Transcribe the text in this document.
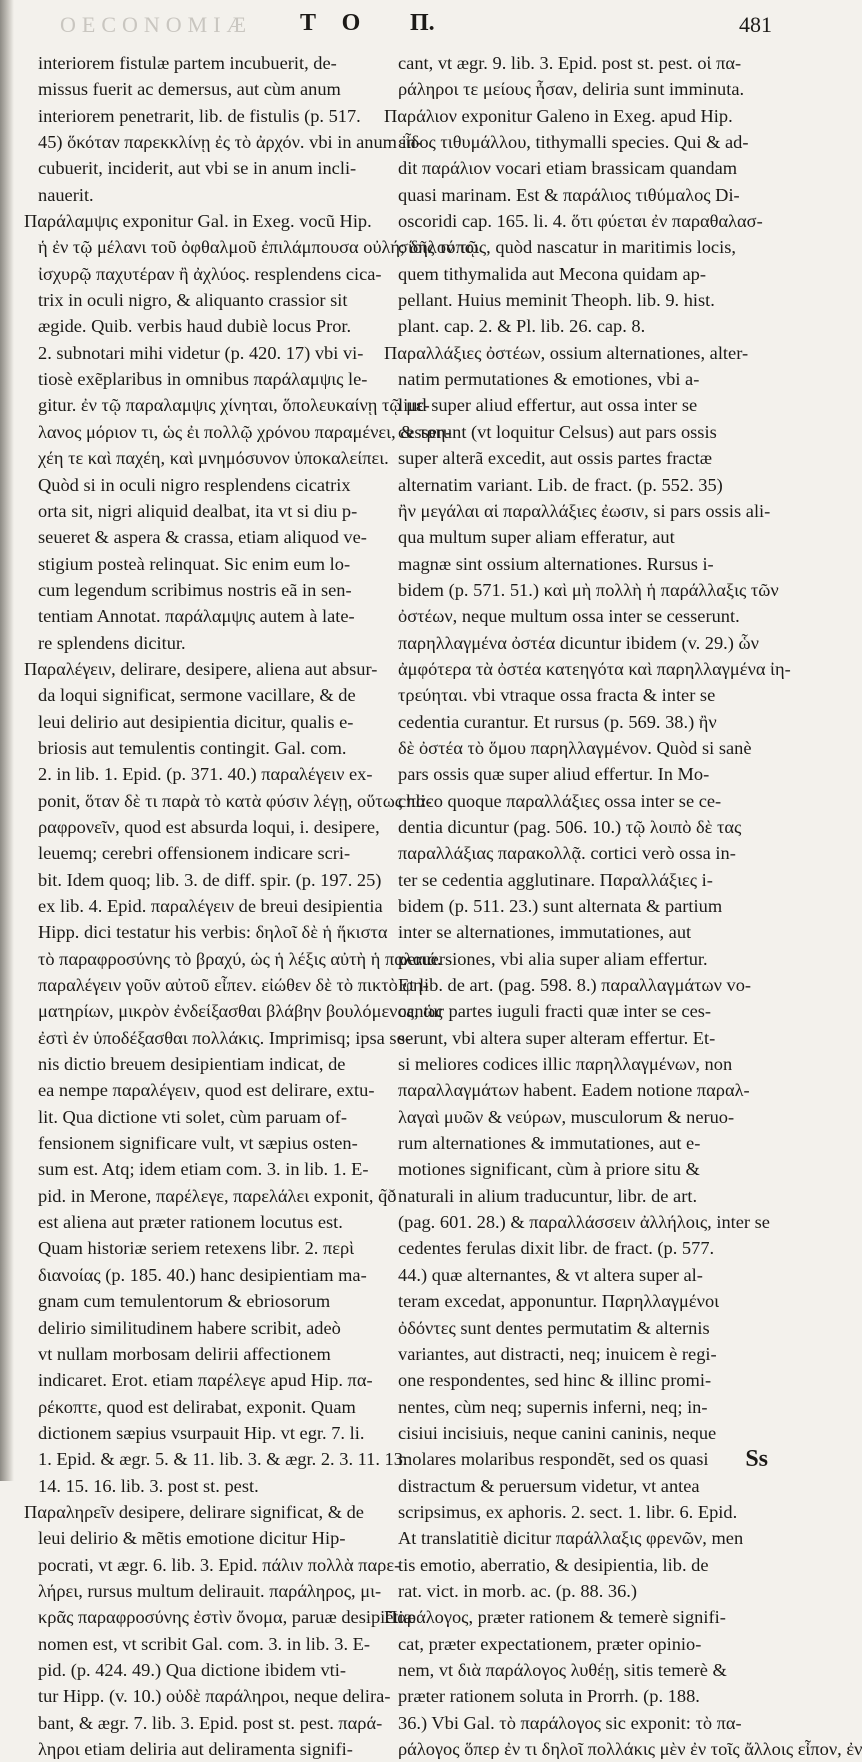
OECONOMIÆ T O Π.	481
interiorem fistulæ partem incubuerit, de-
missus fuerit ac demersus, aut cùm anum
interiorem penetrarit, lib. de fistulis (p. 517.
45) ὅκόταν παρεκκλίνῃ ἐς τὸ ἀρχόν. vbi in anum in-
cubuerit, inciderit, aut vbi se in anum incli-
nauerit.
Παράλαμψις exponitur Gal. in Exeg. vocũ Hip.
ἡ ἐν τῷ μέλανι τοῦ ὀφθαλμοῦ ἐπιλάμπουσα οὐλή; δῆλον τῷ
ἰσχυρῷ παχυτέραν ἢ ἀχλύος. resplendens cica-
trix in oculi nigro, & aliquanto crassior sit
ægide. Quib. verbis haud dubiè locus Pror.
2. subnotari mihi videtur (p. 420. 17) vbi vi-
tiosè exẽplaribus in omnibus παράλαμψις le-
gitur. ἐν τῷ παραλαμψις χίνηται, ὅπολευκαίνῃ τῷ με-
λανος μόριον τι, ὡς ἐι πολλῷ χρόνου παραμένει, & τρη-
χέη τε καὶ παχέη, καὶ μνημόσυνον ὑποκαλείπει.
Quòd si in oculi nigro resplendens cicatrix
orta sit, nigri aliquid dealbat, ita vt si diu p-
seueret & aspera & crassa, etiam aliquod ve-
stigium posteà relinquat. Sic enim eum lo-
cum legendum scribimus nostris eã in sen-
tentiam Annotat. παράλαμψις autem à late-
re splendens dicitur.
Παραλέγειν, delirare, desipere, aliena aut absur-
da loqui significat, sermone vacillare, & de
leui delirio aut desipientia dicitur, qualis e-
briosis aut temulentis contingit. Gal. com.
2. in lib. 1. Epid. (p. 371. 40.) παραλέγειν ex-
ponit, ὅταν δὲ τι παρὰ τὸ κατὰ φύσιν λέγῃ, οὕτως πα-
ραφρονεῖν, quod est absurda loqui, i. desipere,
leuemq; cerebri offensionem indicare scri-
bit. Idem quoq; lib. 3. de diff. spir. (p. 197. 25)
ex lib. 4. Epid. παραλέγειν de breui desipientia
Hipp. dici testatur his verbis: δηλοῖ δὲ ἡ ἥκιστα
τὸ παραφροσύνης τὸ βραχύ, ὡς ἡ λέξις αὐτὴ ἡ παλαιά.
παραλέγειν γοῦν αὐτοῦ εἶπεν. εἰώθεν δὲ τὸ πικτὸ φη-
ματηρίων, μικρὸν ἐνδείξασθαι βλάβην βουλόμενος, ὡς
ἐστὶ ἐν ὑποδέξασθαι πολλάκις. Imprimisq; ipsa se-
nis dictio breuem desipientiam indicat, de
ea nempe παραλέγειν, quod est delirare, extu-
lit. Qua dictione vti solet, cùm paruam of-
fensionem significare vult, vt sæpius osten-
sum est. Atq; idem etiam com. 3. in lib. 1. E-
pid. in Merone, παρέλεγε, παρελάλει exponit, q̃ð
est aliena aut præter rationem locutus est.
Quam historiæ seriem retexens libr. 2. περὶ
διανοίας (p. 185. 40.) hanc desipientiam ma-
gnam cum temulentorum & ebriosorum
delirio similitudinem habere scribit, adeò
vt nullam morbosam delirii affectionem
indicaret. Erot. etiam παρέλεγε apud Hip. πα-
ρέκοπτε, quod est delirabat, exponit. Quam
dictionem sæpius vsurpauit Hip. vt egr. 7. li.
1. Epid. & ægr. 5. & 11. lib. 3. & ægr. 2. 3. 11. 13.
14. 15. 16. lib. 3. post st. pest.
Παραληρεῖν desipere, delirare significat, & de
leui delirio & mẽtis emotione dicitur Hip-
pocrati, vt ægr. 6. lib. 3. Epid. πάλιν πολλὰ παρε-
λήρει, rursus multum delirauit. παράληρος, μι-
κρᾶς παραφροσύνης ἐστὶν ὄνομα, paruæ desipiẽtiæ
nomen est, vt scribit Gal. com. 3. in lib. 3. E-
pid. (p. 424. 49.) Qua dictione ibidem vti-
tur Hipp. (v. 10.) οὐδὲ παράληροι, neque delira-
bant, & ægr. 7. lib. 3. Epid. post st. pest. παρά-
ληροι etiam deliria aut deliramenta signifi-
cant, vt ægr. 9. lib. 3. Epid. post st. pest. οἱ πα-
ράληροι τε μείους ἦσαν, deliria sunt imminuta.
Παράλιον exponitur Galeno in Exeg. apud Hip.
εἶδος τιθυμάλλου, tithymalli species. Qui & ad-
dit παράλιον vocari etiam brassicam quandam
quasi marinam. Est & παράλιος τιθύμαλος Di-
oscoridi cap. 165. li. 4. ὅτι φύεται ἐν παραθαλασ-
σίοις τόποις, quòd nascatur in maritimis locis,
quem tithymalida aut Mecona quidam ap-
pellant. Huius meminit Theoph. lib. 9. hist.
plant. cap. 2. & Pl. lib. 26. cap. 8.
Παραλλάξιες ὀστέων, ossium alternationes, alter-
natim permutationes & emotiones, vbi a-
liud super aliud effertur, aut ossa inter se
cesserunt (vt loquitur Celsus) aut pars ossis
super alterã excedit, aut ossis partes fractæ
alternatim variant. Lib. de fract. (p. 552. 35)
ἢν μεγάλαι αἱ παραλλάξιες ἐωσιν, si pars ossis ali-
qua multum super aliam efferatur, aut
magnæ sint ossium alternationes. Rursus i-
bidem (p. 571. 51.) καὶ μὴ πολλὴ ἡ παράλλαξις τῶν
ὀστέων, neque multum ossa inter se cesserunt.
παρηλλαγμένα ὀστέα dicuntur ibidem (v. 29.) ὧν
ἀμφότερα τὰ ὀστέα κατεηγότα καὶ παρηλλαγμένα ἰη-
τρεύηται. vbi vtraque ossa fracta & inter se
cedentia curantur. Et rursus (p. 569. 38.) ἢν
δὲ ὀστέα τὸ ὅμου παρηλλαγμένον. Quòd si sanè
pars ossis quæ super aliud effertur. In Mo-
chlico quoque παραλλάξιες ossa inter se ce-
dentia dicuntur (pag. 506. 10.) τῷ λοιπὸ δὲ τας
παραλλάξιας παρακολλᾷ. cortici verò ossa in-
ter se cedentia agglutinare. Παραλλάξιες i-
bidem (p. 511. 23.) sunt alternata & partium
inter se alternationes, immutationes, aut
peruersiones, vbi alia super aliam effertur.
Et lib. de art. (pag. 598. 8.) παραλλαγμάτων vo-
cantur partes iuguli fracti quæ inter se ces-
serunt, vbi altera super alteram effertur. Et-
si meliores codices illic παρηλλαγμένων, non
παραλλαγμάτων habent. Eadem notione παραλ-
λαγαὶ μυῶν & νεύρων, musculorum & neruo-
rum alternationes & immutationes, aut e-
motiones significant, cùm à priore situ &
naturali in alium traducuntur, libr. de art.
(pag. 601. 28.) & παραλλάσσειν ἀλλήλοις, inter se
cedentes ferulas dixit libr. de fract. (p. 577.
44.) quæ alternantes, & vt altera super al-
teram excedat, apponuntur. Παρηλλαγμένοι
ὀδόντες sunt dentes permutatim & alternis
variantes, aut distracti, neq; inuicem è regi-
one respondentes, sed hinc & illinc promi-
nentes, cùm neq; supernis inferni, neq; in-
cisiui incisiuis, neque canini caninis, neque
molares molaribus respondẽt, sed os quasi
distractum & peruersum videtur, vt antea
scripsimus, ex aphoris. 2. sect. 1. libr. 6. Epid.
At translatitiè dicitur παράλλαξις φρενῶν, men
tis emotio, aberratio, & desipientia, lib. de
rat. vict. in morb. ac. (p. 88. 36.)
Παράλογος, præter rationem & temerè signifi-
cat, præter expectationem, præter opinio-
nem, vt διὰ παράλογος λυθέῃ, sitis temerè &
præter rationem soluta in Prorrh. (p. 188.
36.) Vbi Gal. τὸ παράλογος sic exponit: τὸ πα-
ράλογος ὅπερ ἐν τι δηλοῖ πολλάκις μὲν ἐν τοῖς ἄλλοις εἶπον, ἐν
Ss
